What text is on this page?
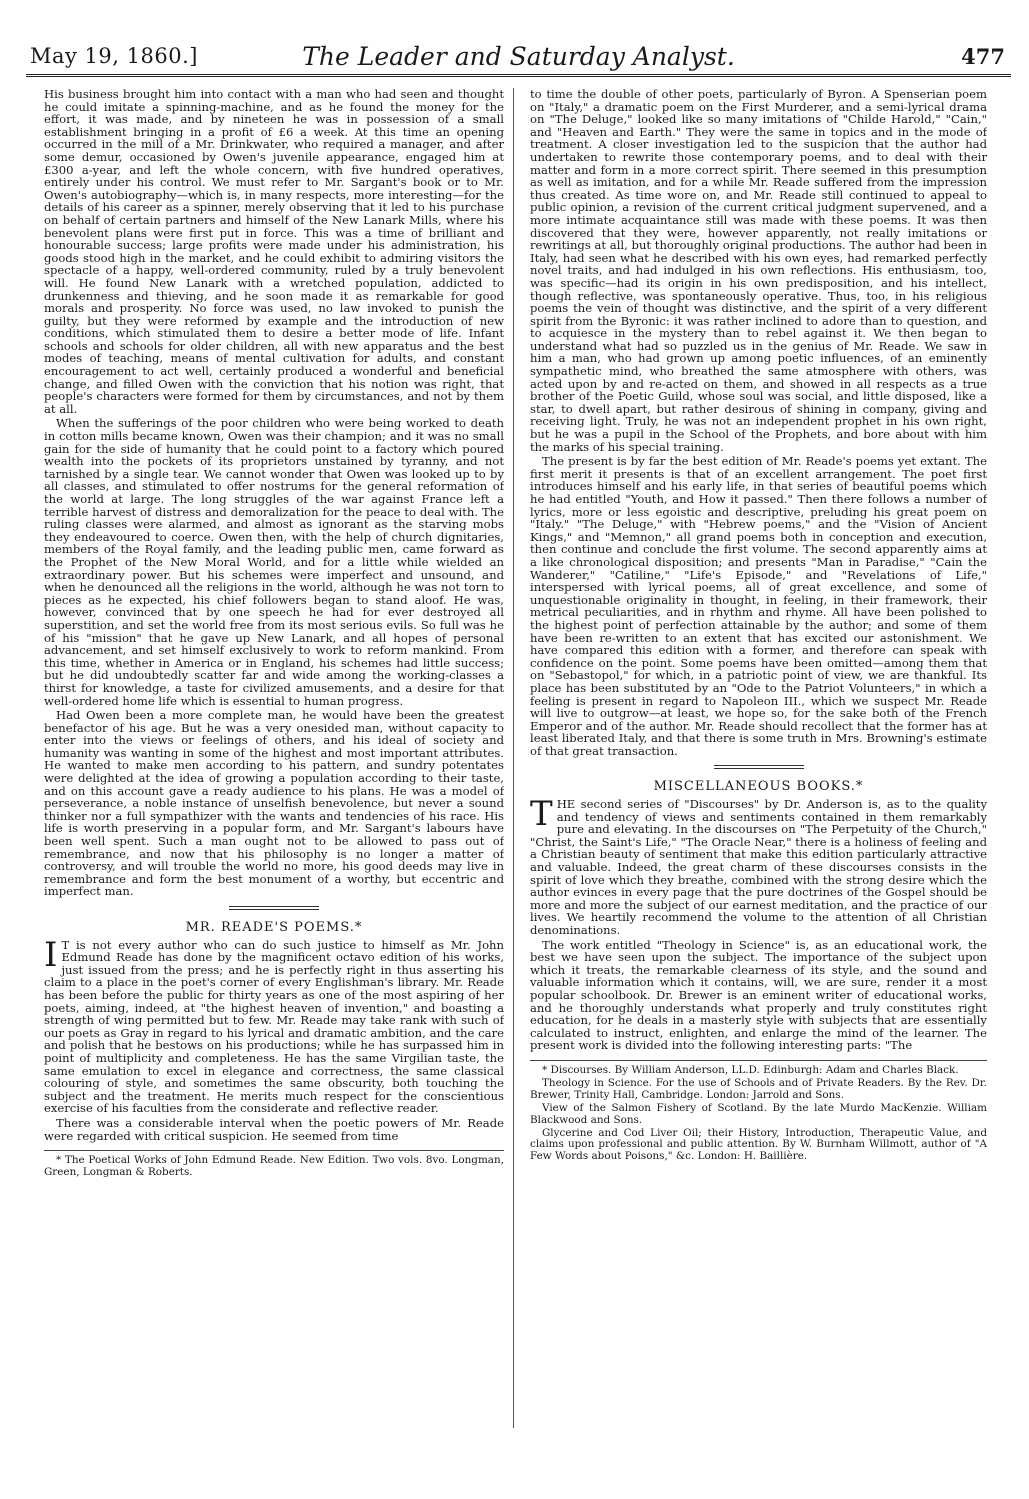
May 19, 1860.]	The Leader and Saturday Analyst.	477

His business brought him into contact with a man who had seen and thought he could imitate a spinning-machine, and as he found the money for the effort, it was made, and by nineteen he was in possession of a small establishment bringing in a profit of £6 a week. At this time an opening occurred in the mill of a Mr. Drinkwater, who required a manager, and after some demur, occasioned by Owen's juvenile appearance, engaged him at £300 a-year, and left the whole concern, with five hundred operatives, entirely under his control. We must refer to Mr. Sargant's book or to Mr. Owen's autobiography—which is, in many respects, more interesting—for the details of his career as a spinner, merely observing that it led to his purchase on behalf of certain partners and himself of the New Lanark Mills, where his benevolent plans were first put in force. This was a time of brilliant and honourable success; large profits were made under his administration, his goods stood high in the market, and he could exhibit to admiring visitors the spectacle of a happy, well-ordered community, ruled by a truly benevolent will. He found New Lanark with a wretched population, addicted to drunkenness and thieving, and he soon made it as remarkable for good morals and prosperity. No force was used, no law invoked to punish the guilty, but they were reformed by example and the introduction of new conditions, which stimulated them to desire a better mode of life. Infant schools and schools for older children, all with new apparatus and the best modes of teaching, means of mental cultivation for adults, and constant encouragement to act well, certainly produced a wonderful and beneficial change, and filled Owen with the conviction that his notion was right, that people's characters were formed for them by circumstances, and not by them at all.

When the sufferings of the poor children who were being worked to death in cotton mills became known, Owen was their champion; and it was no small gain for the side of humanity that he could point to a factory which poured wealth into the pockets of its proprietors unstained by tyranny, and not tarnished by a single tear. We cannot wonder that Owen was looked up to by all classes, and stimulated to offer nostrums for the general reformation of the world at large. The long struggles of the war against France left a terrible harvest of distress and demoralization for the peace to deal with. The ruling classes were alarmed, and almost as ignorant as the starving mobs they endeavoured to coerce. Owen then, with the help of church dignitaries, members of the Royal family, and the leading public men, came forward as the Prophet of the New Moral World, and for a little while wielded an extraordinary power. But his schemes were imperfect and unsound, and when he denounced all the religions in the world, although he was not torn to pieces as he expected, his chief followers began to stand aloof. He was, however, convinced that by one speech he had for ever destroyed all superstition, and set the world free from its most serious evils. So full was he of his "mission" that he gave up New Lanark, and all hopes of personal advancement, and set himself exclusively to work to reform mankind. From this time, whether in America or in England, his schemes had little success; but he did undoubtedly scatter far and wide among the working-classes a thirst for knowledge, a taste for civilized amusements, and a desire for that well-ordered home life which is essential to human progress.

Had Owen been a more complete man, he would have been the greatest benefactor of his age. But he was a very onesided man, without capacity to enter into the views or feelings of others, and his ideal of society and humanity was wanting in some of the highest and most important attributes. He wanted to make men according to his pattern, and sundry potentates were delighted at the idea of growing a population according to their taste, and on this account gave a ready audience to his plans. He was a model of perseverance, a noble instance of unselfish benevolence, but never a sound thinker nor a full sympathizer with the wants and tendencies of his race. His life is worth preserving in a popular form, and Mr. Sargant's labours have been well spent. Such a man ought not to be allowed to pass out of remembrance, and now that his philosophy is no longer a matter of controversy, and will trouble the world no more, his good deeds may live in remembrance and form the best monument of a worthy, but eccentric and imperfect man.

MR. READE'S POEMS.*

I T is not every author who can do such justice to himself as Mr. John Edmund Reade has done by the magnificent octavo edition of his works, just issued from the press; and he is perfectly right in thus asserting his claim to a place in the poet's corner of every Englishman's library. Mr. Reade has been before the public for thirty years as one of the most aspiring of her poets, aiming, indeed, at "the highest heaven of invention," and boasting a strength of wing permitted but to few. Mr. Reade may take rank with such of our poets as Gray in regard to his lyrical and dramatic ambition, and the care and polish that he bestows on his productions; while he has surpassed him in point of multiplicity and completeness. He has the same Virgilian taste, the same emulation to excel in elegance and correctness, the same classical colouring of style, and sometimes the same obscurity, both touching the subject and the treatment. He merits much respect for the conscientious exercise of his faculties from the considerate and reflective reader.

There was a considerable interval when the poetic powers of Mr. Reade were regarded with critical suspicion. He seemed from time

* The Poetical Works of John Edmund Reade. New Edition. Two vols. 8vo. Longman, Green, Longman & Roberts.

to time the double of other poets, particularly of Byron. A Spenserian poem on "Italy," a dramatic poem on the First Murderer, and a semi-lyrical drama on "The Deluge," looked like so many imitations of "Childe Harold," "Cain," and "Heaven and Earth." They were the same in topics and in the mode of treatment. A closer investigation led to the suspicion that the author had undertaken to rewrite those contemporary poems, and to deal with their matter and form in a more correct spirit. There seemed in this presumption as well as imitation, and for a while Mr. Reade suffered from the impression thus created. As time wore on, and Mr. Reade still continued to appeal to public opinion, a revision of the current critical judgment supervened, and a more intimate acquaintance still was made with these poems. It was then discovered that they were, however apparently, not really imitations or rewritings at all, but thoroughly original productions. The author had been in Italy, had seen what he described with his own eyes, had remarked perfectly novel traits, and had indulged in his own reflections. His enthusiasm, too, was specific—had its origin in his own predisposition, and his intellect, though reflective, was spontaneously operative. Thus, too, in his religious poems the vein of thought was distinctive, and the spirit of a very different spirit from the Byronic: it was rather inclined to adore than to question, and to acquiesce in the mystery than to rebel against it. We then began to understand what had so puzzled us in the genius of Mr. Reade. We saw in him a man, who had grown up among poetic influences, of an eminently sympathetic mind, who breathed the same atmosphere with others, was acted upon by and re-acted on them, and showed in all respects as a true brother of the Poetic Guild, whose soul was social, and little disposed, like a star, to dwell apart, but rather desirous of shining in company, giving and receiving light. Truly, he was not an independent prophet in his own right, but he was a pupil in the School of the Prophets, and bore about with him the marks of his special training.

The present is by far the best edition of Mr. Reade's poems yet extant. The first merit it presents is that of an excellent arrangement. The poet first introduces himself and his early life, in that series of beautiful poems which he had entitled "Youth, and How it passed." Then there follows a number of lyrics, more or less egoistic and descriptive, preluding his great poem on "Italy." "The Deluge," with "Hebrew poems," and the "Vision of Ancient Kings," and "Memnon," all grand poems both in conception and execution, then continue and conclude the first volume. The second apparently aims at a like chronological disposition; and presents "Man in Paradise," "Cain the Wanderer," "Catiline," "Life's Episode," and "Revelations of Life," interspersed with lyrical poems, all of great excellence, and some of unquestionable originality in thought, in feeling, in their framework, their metrical peculiarities, and in rhythm and rhyme. All have been polished to the highest point of perfection attainable by the author; and some of them have been re-written to an extent that has excited our astonishment. We have compared this edition with a former, and therefore can speak with confidence on the point. Some poems have been omitted—among them that on "Sebastopol," for which, in a patriotic point of view, we are thankful. Its place has been substituted by an "Ode to the Patriot Volunteers," in which a feeling is present in regard to Napoleon III., which we suspect Mr. Reade will live to outgrow—at least, we hope so, for the sake both of the French Emperor and of the author. Mr. Reade should recollect that the former has at least liberated Italy, and that there is some truth in Mrs. Browning's estimate of that great transaction.

MISCELLANEOUS BOOKS.*

THE second series of "Discourses" by Dr. Anderson is, as to the quality and tendency of views and sentiments contained in them remarkably pure and elevating. In the discourses on "The Perpetuity of the Church," "Christ, the Saint's Life," "The Oracle Near," there is a holiness of feeling and a Christian beauty of sentiment that make this edition particularly attractive and valuable. Indeed, the great charm of these discourses consists in the spirit of love which they breathe, combined with the strong desire which the author evinces in every page that the pure doctrines of the Gospel should be more and more the subject of our earnest meditation, and the practice of our lives. We heartily recommend the volume to the attention of all Christian denominations.

The work entitled "Theology in Science" is, as an educational work, the best we have seen upon the subject. The importance of the subject upon which it treats, the remarkable clearness of its style, and the sound and valuable information which it contains, will, we are sure, render it a most popular schoolbook. Dr. Brewer is an eminent writer of educational works, and he thoroughly understands what properly and truly constitutes right education, for he deals in a masterly style with subjects that are essentially calculated to instruct, enlighten, and enlarge the mind of the learner. The present work is divided into the following interesting parts: "The

* Discourses. By William Anderson, LL.D. Edinburgh: Adam and Charles Black.

Theology in Science. For the use of Schools and of Private Readers. By the Rev. Dr. Brewer, Trinity Hall, Cambridge. London: Jarrold and Sons.

View of the Salmon Fishery of Scotland. By the late Murdo MacKenzie. William Blackwood and Sons.

Glycerine and Cod Liver Oil; their History, Introduction, Therapeutic Value, and claims upon professional and public attention. By W. Burnham Willmott, author of "A Few Words about Poisons," &c. London: H. Baillière.
